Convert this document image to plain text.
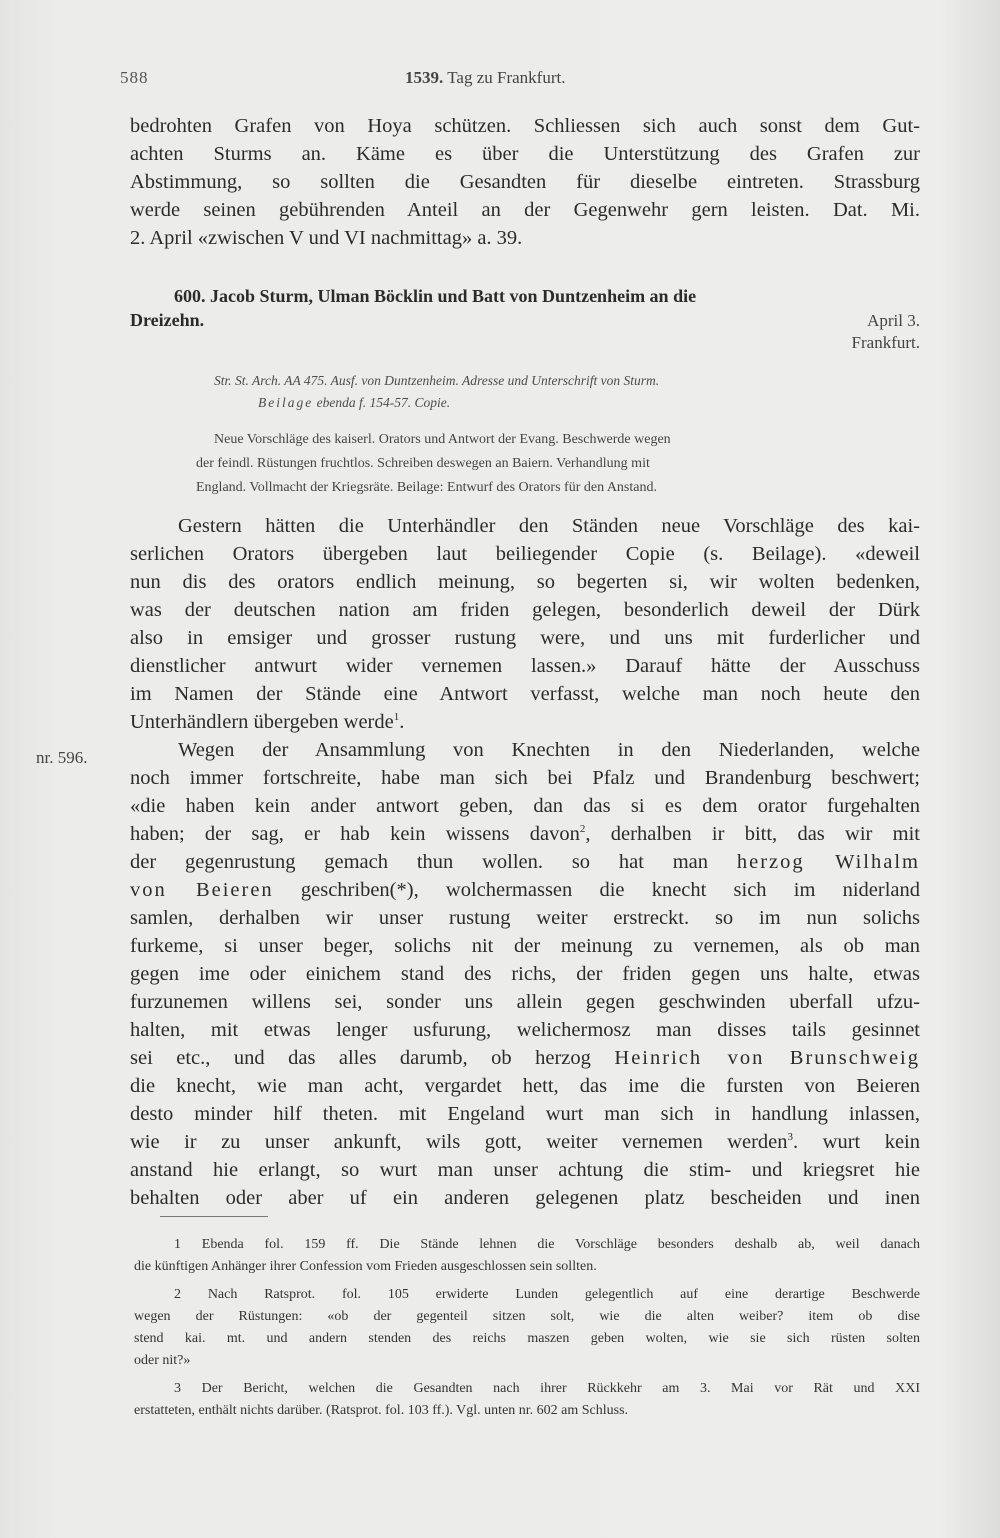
588	1539. Tag zu Frankfurt.
bedrohten Grafen von Hoya schützen. Schliessen sich auch sonst dem Gut-
achten Sturms an. Käme es über die Unterstützung des Grafen zur
Abstimmung, so sollten die Gesandten für dieselbe eintreten. Strassburg
werde seinen gebührenden Anteil an der Gegenwehr gern leisten. Dat. Mi.
2. April «zwischen V und VI nachmittag» a. 39.
600. Jacob Sturm, Ulman Böcklin und Batt von Duntzenheim an die
Dreizehn.	April 3.
Frankfurt.
Str. St. Arch. AA 475. Ausf. von Duntzenheim. Adresse und Unterschrift von Sturm.
Beilage ebenda f. 154-57. Copie.
Neue Vorschläge des kaiserl. Orators und Antwort der Evang. Beschwerde wegen
der feindl. Rüstungen fruchtlos. Schreiben deswegen an Baiern. Verhandlung mit
England. Vollmacht der Kriegsräte. Beilage: Entwurf des Orators für den Anstand.
Gestern hätten die Unterhändler den Ständen neue Vorschläge des kai-
serlichen Orators übergeben laut beiliegender Copie (s. Beilage). «deweil
nun dis des orators endlich meinung, so begerten si, wir wolten bedenken,
was der deutschen nation am friden gelegen, besonderlich deweil der Dürk
also in emsiger und grosser rustung were, und uns mit furderlicher und
dienstlicher antwurt wider vernemen lassen.» Darauf hätte der Ausschuss
im Namen der Stände eine Antwort verfasst, welche man noch heute den
Unterhändlern übergeben werde$^1$.
nr. 596.	Wegen der Ansammlung von Knechten in den Niederlanden, welche
noch immer fortschreite, habe man sich bei Pfalz und Brandenburg beschwert;
«die haben kein ander antwort geben, dan das si es dem orator furgehalten
haben; der sag, er hab kein wissens davon$^2$, derhalben ir bitt, das wir mit
der gegenrustung gemach thun wollen. so hat man herzog Wilhalm
von Beieren geschriben(*), wolchermassen die knecht sich im niderland
samlen, derhalben wir unser rustung weiter erstreckt. so im nun solichs
furkeme, si unser beger, solichs nit der meinung zu vernemen, als ob man
gegen ime oder einichem stand des richs, der friden gegen uns halte, etwas
furzunemen willens sei, sonder uns allein gegen geschwinden uberfall ufzu-
halten, mit etwas lenger usfurung, welichermosz man disses tails gesinnet
sei etc., und das alles darumb, ob herzog Heinrich von Brunschweig
die knecht, wie man acht, vergardet hett, das ime die fursten von Beieren
desto minder hilf theten. mit Engeland wurt man sich in handlung inlassen,
wie ir zu unser ankunft, wils gott, weiter vernemen werden$^3$. wurt kein
anstand hie erlangt, so wurt man unser achtung die stim- und kriegsret hie
behalten oder aber uf ein anderen gelegenen platz bescheiden und inen
1 Ebenda fol. 159 ff. Die Stände lehnen die Vorschläge besonders deshalb ab, weil danach
die künftigen Anhänger ihrer Confession vom Frieden ausgeschlossen sein sollten.
2 Nach Ratsprot. fol. 105 erwiderte Lunden gelegentlich auf eine derartige Beschwerde
wegen der Rüstungen: «ob der gegenteil sitzen solt, wie die alten weiber? item ob dise
stend kai. mt. und andern stenden des reichs maszen geben wolten, wie sie sich rüsten solten
oder nit?»
3 Der Bericht, welchen die Gesandten nach ihrer Rückkehr am 3. Mai vor Rät und XXI
erstatteten, enthält nichts darüber. (Ratsprot. fol. 103 ff.). Vgl. unten nr. 602 am Schluss.
